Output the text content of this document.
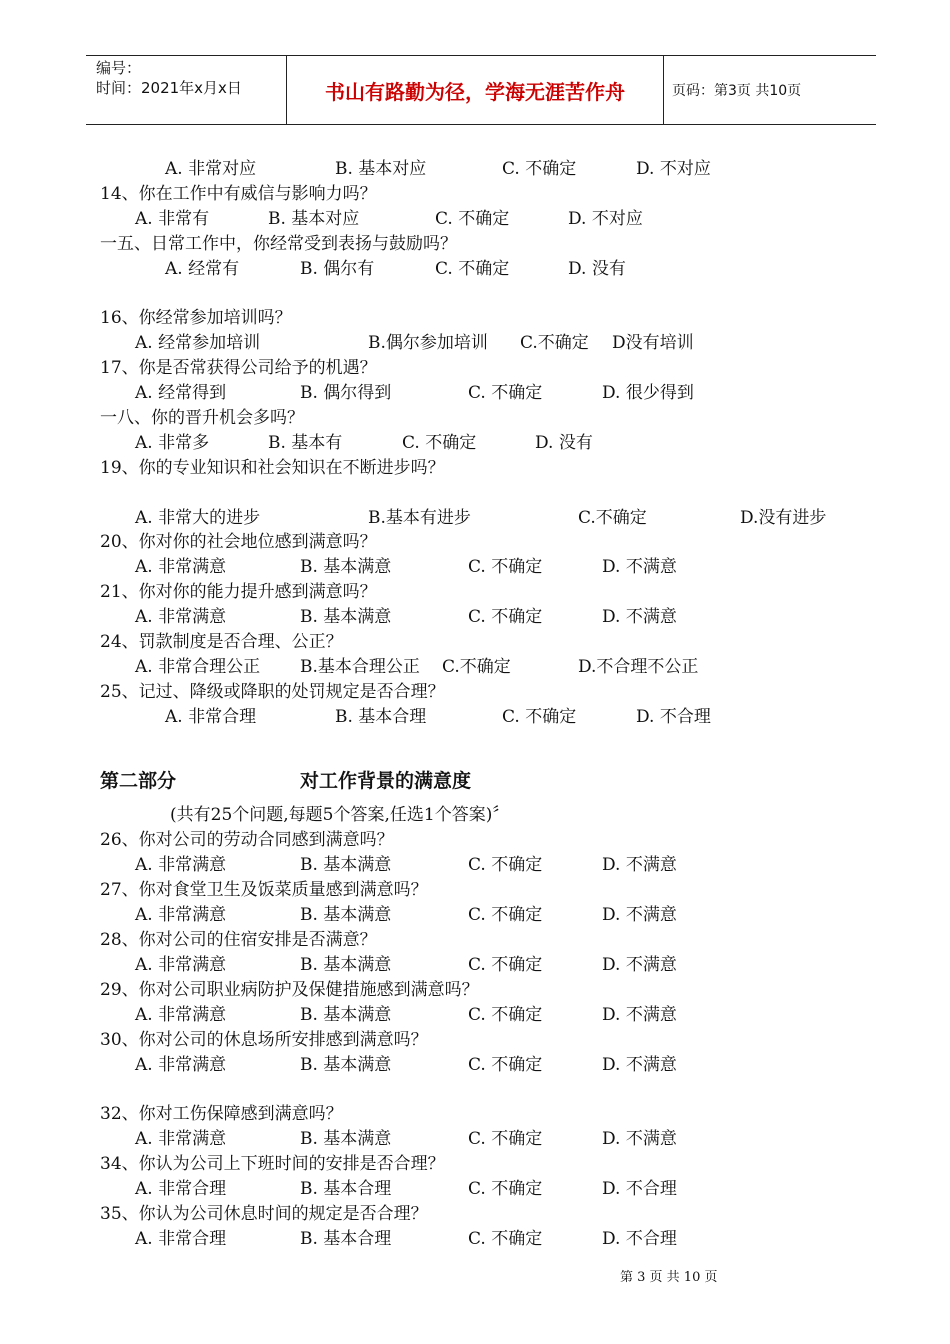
编号：
时间：2021年x月x日	书山有路勤为径，学海无涯苦作舟	页码：第3页 共10页
A. 非常对应	B. 基本对应	C. 不确定	D. 不对应
14、你在工作中有威信与影响力吗？
A. 非常有	B. 基本对应	C. 不确定	D. 不对应
一五、日常工作中，你经常受到表扬与鼓励吗？
A. 经常有	B. 偶尔有	C. 不确定	D. 没有
16、你经常参加培训吗？
A. 经常参加培训	B.偶尔参加培训 C.不确定 D没有培训
17、你是否常获得公司给予的机遇？
A. 经常得到	B. 偶尔得到	C. 不确定	D. 很少得到
一八、你的晋升机会多吗？
A. 非常多	B. 基本有	C. 不确定	D. 没有
19、你的专业知识和社会知识在不断进步吗？
A. 非常大的进步	B.基本有进步	C.不确定	D.没有进步
20、你对你的社会地位感到满意吗？
A. 非常满意	B. 基本满意	C. 不确定	D. 不满意
21、你对你的能力提升感到满意吗？
A. 非常满意	B. 基本满意	C. 不确定	D. 不满意
24、罚款制度是否合理、公正？
A. 非常合理公正 B.基本合理公正 C.不确定	D.不合理不公正
25、记过、降级或降职的处罚规定是否合理？
A. 非常合理	B. 基本合理	C. 不确定	D. 不合理
(共有25个问题,每题5个答案,任选1个答案)〞
26、你对公司的劳动合同感到满意吗？
A. 非常满意	B. 基本满意	C. 不确定	D. 不满意
27、你对食堂卫生及饭菜质量感到满意吗？
A. 非常满意	B. 基本满意	C. 不确定	D. 不满意
28、你对公司的住宿安排是否满意？
A. 非常满意	B. 基本满意	C. 不确定	D. 不满意
29、你对公司职业病防护及保健措施感到满意吗？
A. 非常满意	B. 基本满意	C. 不确定	D. 不满意
30、你对公司的休息场所安排感到满意吗？
A. 非常满意	B. 基本满意	C. 不确定	D. 不满意
32、你对工伤保障感到满意吗？
A. 非常满意	B. 基本满意	C. 不确定	D. 不满意
34、你认为公司上下班时间的安排是否合理？
A. 非常合理	B. 基本合理	C. 不确定	D. 不合理
35、你认为公司休息时间的规定是否合理？
A. 非常合理	B. 基本合理	C. 不确定	D. 不合理
第二部分	对工作背景的满意度
第 3 页 共 10 页
